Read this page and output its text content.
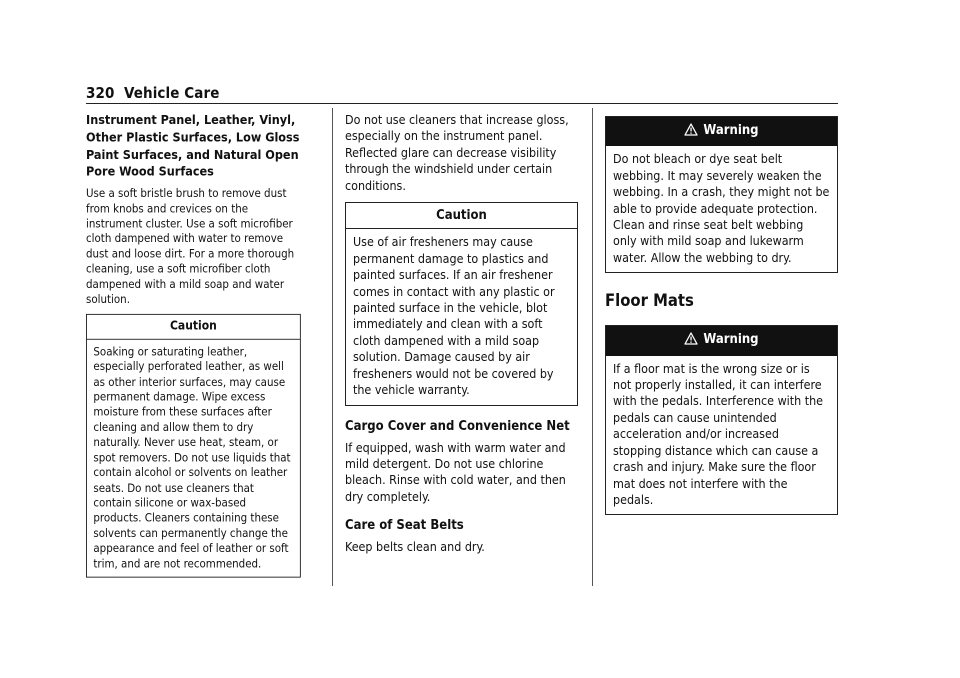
320 Vehicle Care
Instrument Panel, Leather, Vinyl, Other Plastic Surfaces, Low Gloss Paint Surfaces, and Natural Open Pore Wood Surfaces

Use a soft bristle brush to remove dust from knobs and crevices on the instrument cluster. Use a soft microfiber cloth dampened with water to remove dust and loose dirt. For a more thorough cleaning, use a soft microfiber cloth dampened with a mild soap and water solution.

Caution
Soaking or saturating leather, especially perforated leather, as well as other interior surfaces, may cause permanent damage. Wipe excess moisture from these surfaces after cleaning and allow them to dry naturally. Never use heat, steam, or spot removers. Do not use liquids that contain alcohol or solvents on leather seats. Do not use cleaners that contain silicone or wax-based products. Cleaners containing these solvents can permanently change the appearance and feel of leather or soft trim, and are not recommended.

Do not use cleaners that increase gloss, especially on the instrument panel. Reflected glare can decrease visibility through the windshield under certain conditions.

Caution
Use of air fresheners may cause permanent damage to plastics and painted surfaces. If an air freshener comes in contact with any plastic or painted surface in the vehicle, blot immediately and clean with a soft cloth dampened with a mild soap solution. Damage caused by air fresheners would not be covered by the vehicle warranty.
Cargo Cover and Convenience Net

If equipped, wash with warm water and mild detergent. Do not use chlorine bleach. Rinse with cold water, and then dry completely.

Care of Seat Belts

Keep belts clean and dry.

Warning
Do not bleach or dye seat belt webbing. It may severely weaken the webbing. In a crash, they might not be able to provide adequate protection. Clean and rinse seat belt webbing only with mild soap and lukewarm water. Allow the webbing to dry.
Floor Mats
Warning
If a floor mat is the wrong size or is not properly installed, it can interfere with the pedals. Interference with the pedals can cause unintended acceleration and/or increased stopping distance which can cause a crash and injury. Make sure the floor mat does not interfere with the pedals.
